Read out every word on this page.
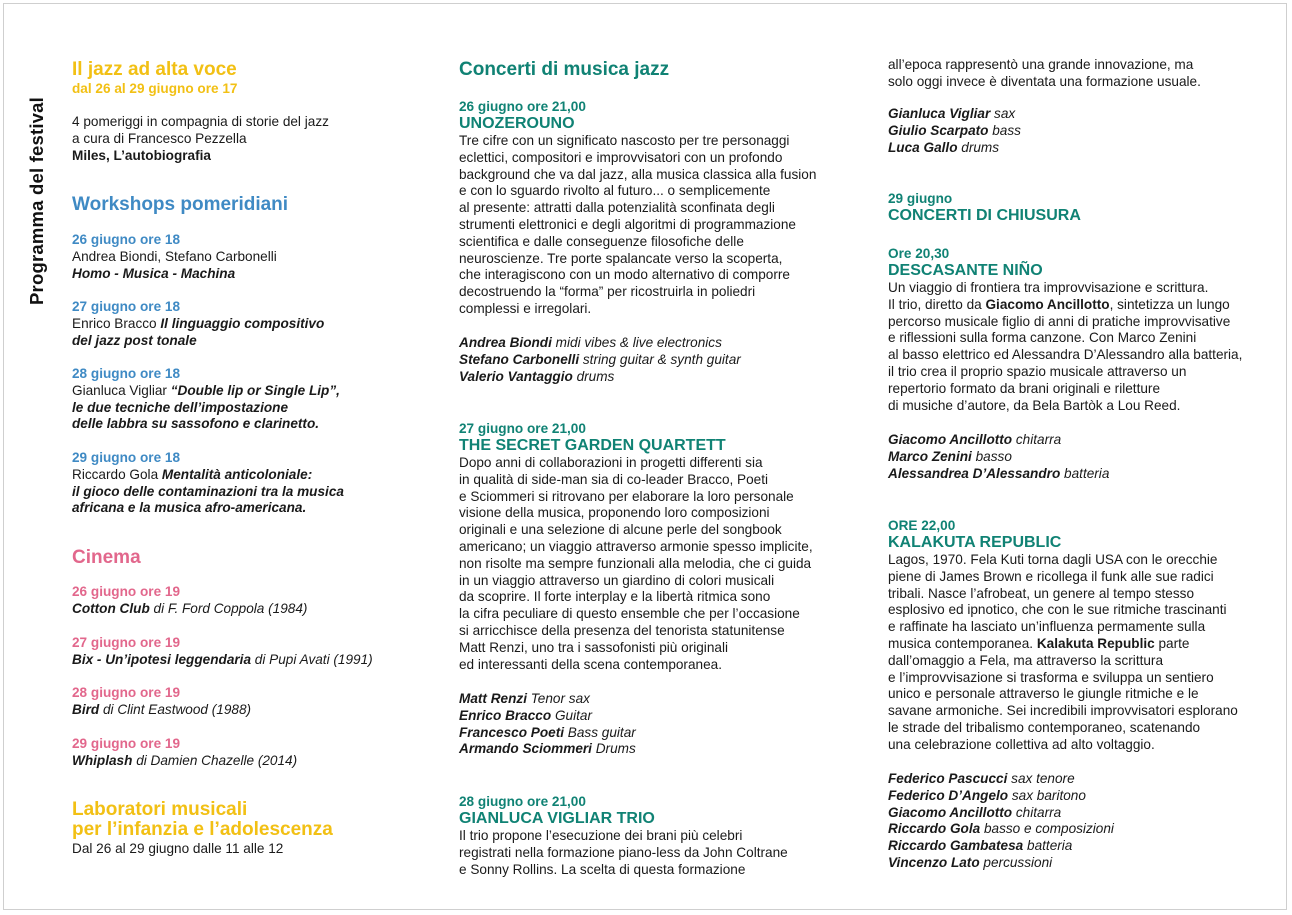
Programma del festival
Il jazz ad alta voce
dal 26 al 29 giugno ore 17
4 pomeriggi in compagnia di storie del jazz
a cura di Francesco Pezzella
Miles, L’autobiografia
Workshops pomeridiani
26 giugno ore 18
Andrea Biondi, Stefano Carbonelli
Homo - Musica - Machina
27 giugno ore 18
Enrico Bracco Il linguaggio compositivo
del jazz post tonale
28 giugno ore 18
Gianluca Vigliar “Double lip or Single Lip”,
le due tecniche dell’impostazione
delle labbra su sassofono e clarinetto.
29 giugno ore 18
Riccardo Gola Mentalità anticoloniale:
il gioco delle contaminazioni tra la musica
africana e la musica afro-americana.
Cinema
26 giugno ore 19
Cotton Club di F. Ford Coppola (1984)
27 giugno ore 19
Bix - Un’ipotesi leggendaria di Pupi Avati (1991)
28 giugno ore 19
Bird di Clint Eastwood (1988)
29 giugno ore 19
Whiplash di Damien Chazelle (2014)
Laboratori musicali
per l’infanzia e l’adolescenza
Dal 26 al 29 giugno dalle 11 alle 12
Concerti di musica jazz
26 giugno ore 21,00
UNOZEROUNO
Tre cifre con un significato nascosto per tre personaggi
eclettici, compositori e improvvisatori con un profondo
background che va dal jazz, alla musica classica alla fusion
e con lo sguardo rivolto al futuro... o semplicemente
al presente: attratti dalla potenzialità sconfinata degli
strumenti elettronici e degli algoritmi di programmazione
scientifica e dalle conseguenze filosofiche delle
neuroscienze. Tre porte spalancate verso la scoperta,
che interagiscono con un modo alternativo di comporre
decostruendo la “forma” per ricostruirla in poliedri
complessi e irregolari.
Andrea Biondi midi vibes & live electronics
Stefano Carbonelli string guitar & synth guitar
Valerio Vantaggio drums
27 giugno ore 21,00
THE SECRET GARDEN QUARTETT
Dopo anni di collaborazioni in progetti differenti sia
in qualità di side-man sia di co-leader Bracco, Poeti
e Sciommeri si ritrovano per elaborare la loro personale
visione della musica, proponendo loro composizioni
originali e una selezione di alcune perle del songbook
americano; un viaggio attraverso armonie spesso implicite,
non risolte ma sempre funzionali alla melodia, che ci guida
in un viaggio attraverso un giardino di colori musicali
da scoprire. Il forte interplay e la libertà ritmica sono
la cifra peculiare di questo ensemble che per l’occasione
si arricchisce della presenza del tenorista statunitense
Matt Renzi, uno tra i sassofonisti più originali
ed interessanti della scena contemporanea.
Matt Renzi Tenor sax
Enrico Bracco Guitar
Francesco Poeti Bass guitar
Armando Sciommeri Drums
28 giugno ore 21,00
GIANLUCA VIGLIAR TRIO
Il trio propone l’esecuzione dei brani più celebri
registrati nella formazione piano-less da John Coltrane
e Sonny Rollins. La scelta di questa formazione
all’epoca rappresentò una grande innovazione, ma
solo oggi invece è diventata una formazione usuale.
Gianluca Vigliar sax
Giulio Scarpato bass
Luca Gallo drums
29 giugno
CONCERTI DI CHIUSURA
Ore 20,30
DESCASANTE NIÑO
Un viaggio di frontiera tra improvvisazione e scrittura.
Il trio, diretto da Giacomo Ancillotto, sintetizza un lungo
percorso musicale figlio di anni di pratiche improvvisative
e riflessioni sulla forma canzone. Con Marco Zenini
al basso elettrico ed Alessandra D’Alessandro alla batteria,
il trio crea il proprio spazio musicale attraverso un
repertorio formato da brani originali e riletture
di musiche d’autore, da Bela Bartòk a Lou Reed.
Giacomo Ancillotto chitarra
Marco Zenini basso
Alessandrea D’Alessandro batteria
ORE 22,00
KALAKUTA REPUBLIC
Lagos, 1970. Fela Kuti torna dagli USA con le orecchie
piene di James Brown e ricollega il funk alle sue radici
tribali. Nasce l’afrobeat, un genere al tempo stesso
esplosivo ed ipnotico, che con le sue ritmiche trascinanti
e raffinate ha lasciato un’influenza permamente sulla
musica contemporanea. Kalakuta Republic parte
dall’omaggio a Fela, ma attraverso la scrittura
e l’improvvisazione si trasforma e sviluppa un sentiero
unico e personale attraverso le giungle ritmiche e le
savane armoniche. Sei incredibili improvvisatori esplorano
le strade del tribalismo contemporaneo, scatenando
una celebrazione collettiva ad alto voltaggio.
Federico Pascucci sax tenore
Federico D’Angelo sax baritono
Giacomo Ancillotto chitarra
Riccardo Gola basso e composizioni
Riccardo Gambatesa batteria
Vincenzo Lato percussioni
